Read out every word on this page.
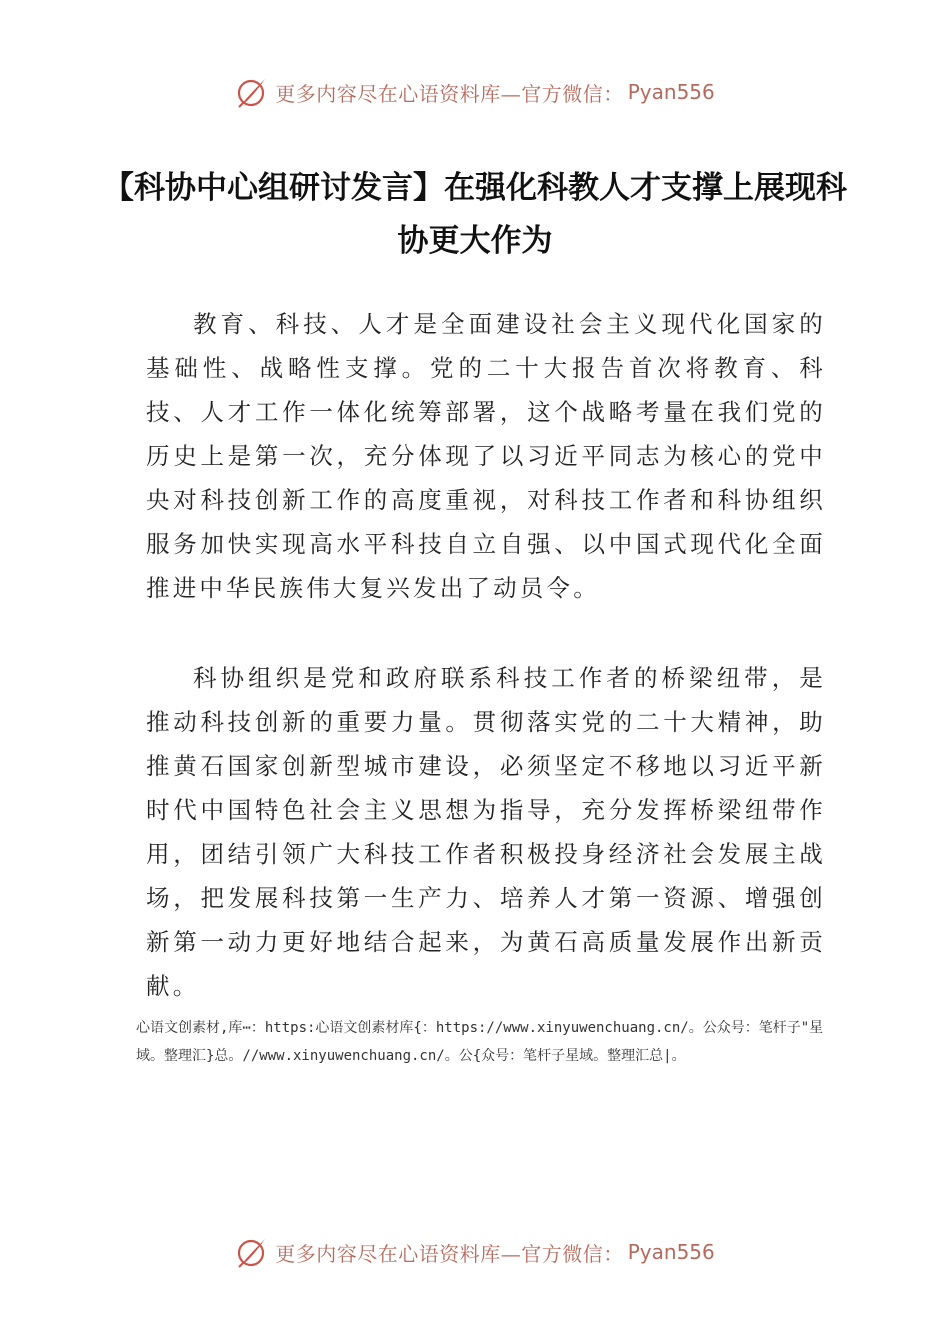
更多内容尽在心语资料库—官方微信： Pyan556
【科协中心组研讨发言】在强化科教人才支撑上展现科协更大作为

教育、科技、人才是全面建设社会主义现代化国家的基础性、战略性支撑。党的二十大报告首次将教育、科技、人才工作一体化统筹部署，这个战略考量在我们党的历史上是第一次，充分体现了以习近平同志为核心的党中央对科技创新工作的高度重视，对科技工作者和科协组织服务加快实现高水平科技自立自强、以中国式现代化全面推进中华民族伟大复兴发出了动员令。

科协组织是党和政府联系科技工作者的桥梁纽带，是推动科技创新的重要力量。贯彻落实党的二十大精神，助推黄石国家创新型城市建设，必须坚定不移地以习近平新时代中国特色社会主义思想为指导，充分发挥桥梁纽带作用，团结引领广大科技工作者积极投身经济社会发展主战场，把发展科技第一生产力、培养人才第一资源、增强创新第一动力更好地结合起来，为黄石高质量发展作出新贡献。

心语文创素材,库⋯：https:心语文创素材库{：https://www.xinyuwenchuang.cn/。公众号：笔杆子"星域。整理汇}总。//www.xinyuwenchuang.cn/。公{众号：笔杆子星域。整理汇总|。

更多内容尽在心语资料库—官方微信： Pyan556
